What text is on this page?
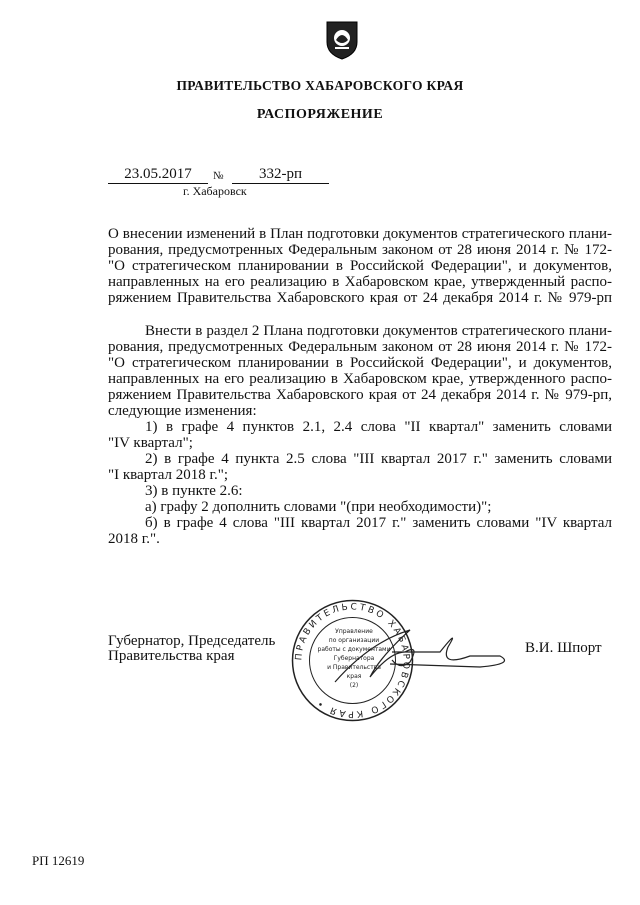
ПРАВИТЕЛЬСТВО ХАБАРОВСКОГО КРАЯ
РАСПОРЯЖЕНИЕ
23.05.2017	№	332-рп
г. Хабаровск
О внесении изменений в План подготовки документов стратегического плани-
рования, предусмотренных Федеральным законом от 28 июня 2014 г. № 172-
"О стратегическом планировании в Российской Федерации", и документов,
направленных на его реализацию в Хабаровском крае, утвержденный распо-
ряжением Правительства Хабаровского края от 24 декабря 2014 г. № 979-рп
Внести в раздел 2 Плана подготовки документов стратегического плани-
рования, предусмотренных Федеральным законом от 28 июня 2014 г. № 172-
"О стратегическом планировании в Российской Федерации", и документов,
направленных на его реализацию в Хабаровском крае, утвержденного распо-
ряжением Правительства Хабаровского края от 24 декабря 2014 г. № 979-рп,
следующие изменения:
1) в графе 4 пунктов 2.1, 2.4 слова "II квартал" заменить словами
"IV квартал";
2) в графе 4 пункта 2.5 слова "III квартал 2017 г." заменить словами
"I квартал 2018 г.";
3) в пункте 2.6:
а) графу 2 дополнить словами "(при необходимости)";
б) в графе 4 слова "III квартал 2017 г." заменить словами "IV квартал
2018 г.".
Губернатор, Председатель
Правительства края	В.И. Шпорт
ПРАВИТЕЛЬСТВО ХАБАРОВСКОГО КРАЯ •
Управление
по организации
работы с документами
Губернатора
и Правительства
края
(2)
РП 12619
